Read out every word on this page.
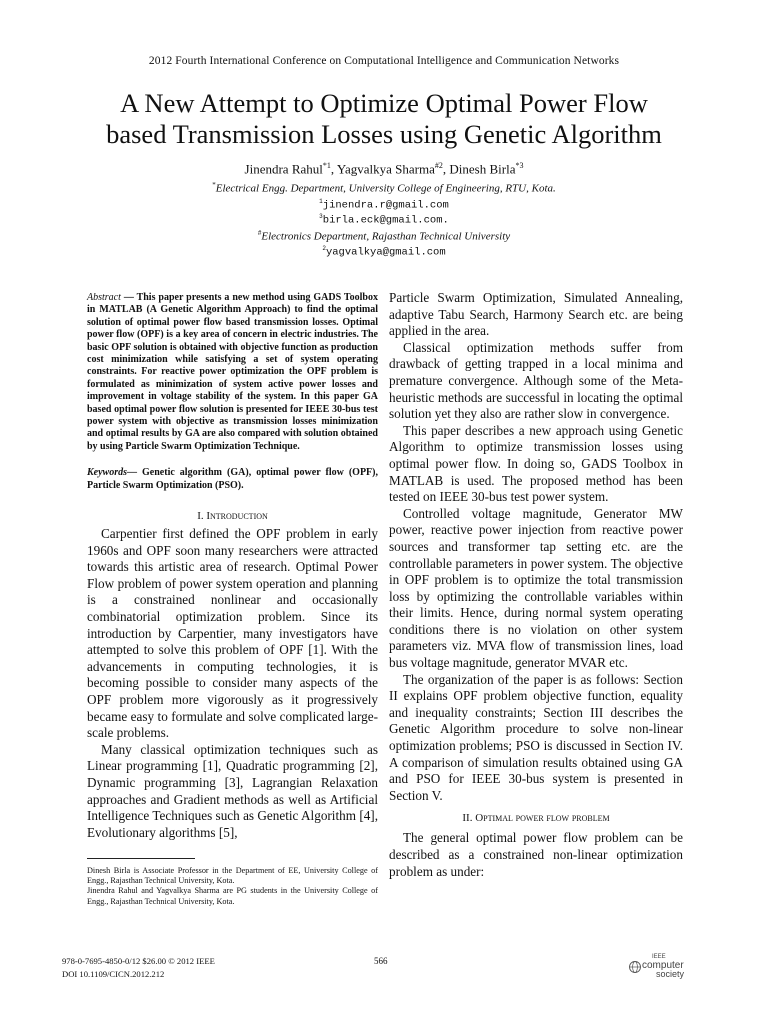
2012 Fourth International Conference on Computational Intelligence and Communication Networks
A New Attempt to Optimize Optimal Power Flow
based Transmission Losses using Genetic Algorithm
Jinendra Rahul$^{*1}$, Yagvalkya Sharma$^{\#2}$, Dinesh Birla$^{*3}$
*Electrical Engg. Department, University College of Engineering, RTU, Kota.
$^1$jinendra.r@gmail.com
$^3$birla.eck@gmail.com.
#Electronics Department, Rajasthan Technical University
$^2$yagvalkya@gmail.com

Abstract — This paper presents a new method using GADS Toolbox in MATLAB (A Genetic Algorithm Approach) to find the optimal solution of optimal power flow based transmission losses. Optimal power flow (OPF) is a key area of concern in electric industries. The basic OPF solution is obtained with objective function as production cost minimization while satisfying a set of system operating constraints. For reactive power optimization the OPF problem is formulated as minimization of system active power losses and improvement in voltage stability of the system. In this paper GA based optimal power flow solution is presented for IEEE 30-bus test power system with objective as transmission losses minimization and optimal results by GA are also compared with solution obtained by using Particle Swarm Optimization Technique.

Keywords— Genetic algorithm (GA), optimal power flow (OPF), Particle Swarm Optimization (PSO).

I. Introduction

Carpentier first defined the OPF problem in early 1960s and OPF soon many researchers were attracted towards this artistic area of research. Optimal Power Flow problem of power system operation and planning is a constrained nonlinear and occasionally combinatorial optimization problem. Since its introduction by Carpentier, many investigators have attempted to solve this problem of OPF [1]. With the advancements in computing technologies, it is becoming possible to consider many aspects of the OPF problem more vigorously as it progressively became easy to formulate and solve complicated large-scale problems.

Many classical optimization techniques such as Linear programming [1], Quadratic programming [2], Dynamic programming [3], Lagrangian Relaxation approaches and Gradient methods as well as Artificial Intelligence Techniques such as Genetic Algorithm [4], Evolutionary algorithms [5],

Particle Swarm Optimization, Simulated Annealing, adaptive Tabu Search, Harmony Search etc. are being applied in the area.

Classical optimization methods suffer from drawback of getting trapped in a local minima and premature convergence. Although some of the Meta-heuristic methods are successful in locating the optimal solution yet they also are rather slow in convergence.

This paper describes a new approach using Genetic Algorithm to optimize transmission losses using optimal power flow. In doing so, GADS Toolbox in MATLAB is used. The proposed method has been tested on IEEE 30-bus test power system.

Controlled voltage magnitude, Generator MW power, reactive power injection from reactive power sources and transformer tap setting etc. are the controllable parameters in power system. The objective in OPF problem is to optimize the total transmission loss by optimizing the controllable variables within their limits. Hence, during normal system operating conditions there is no violation on other system parameters viz. MVA flow of transmission lines, load bus voltage magnitude, generator MVAR etc.

The organization of the paper is as follows: Section II explains OPF problem objective function, equality and inequality constraints; Section III describes the Genetic Algorithm procedure to solve non-linear optimization problems; PSO is discussed in Section IV. A comparison of simulation results obtained using GA and PSO for IEEE 30-bus system is presented in Section V.

II. Optimal power flow problem

The general optimal power flow problem can be described as a constrained non-linear optimization problem as under:

Dinesh Birla is Associate Professor in the Department of EE, University College of Engg., Rajasthan Technical University, Kota.

Jinendra Rahul and Yagvalkya Sharma are PG students in the University College of Engg., Rajasthan Technical University, Kota.

978-0-7695-4850-0/12 $26.00 © 2012 IEEE
DOI 10.1109/CICN.2012.212
566	IEEE
computer
society
